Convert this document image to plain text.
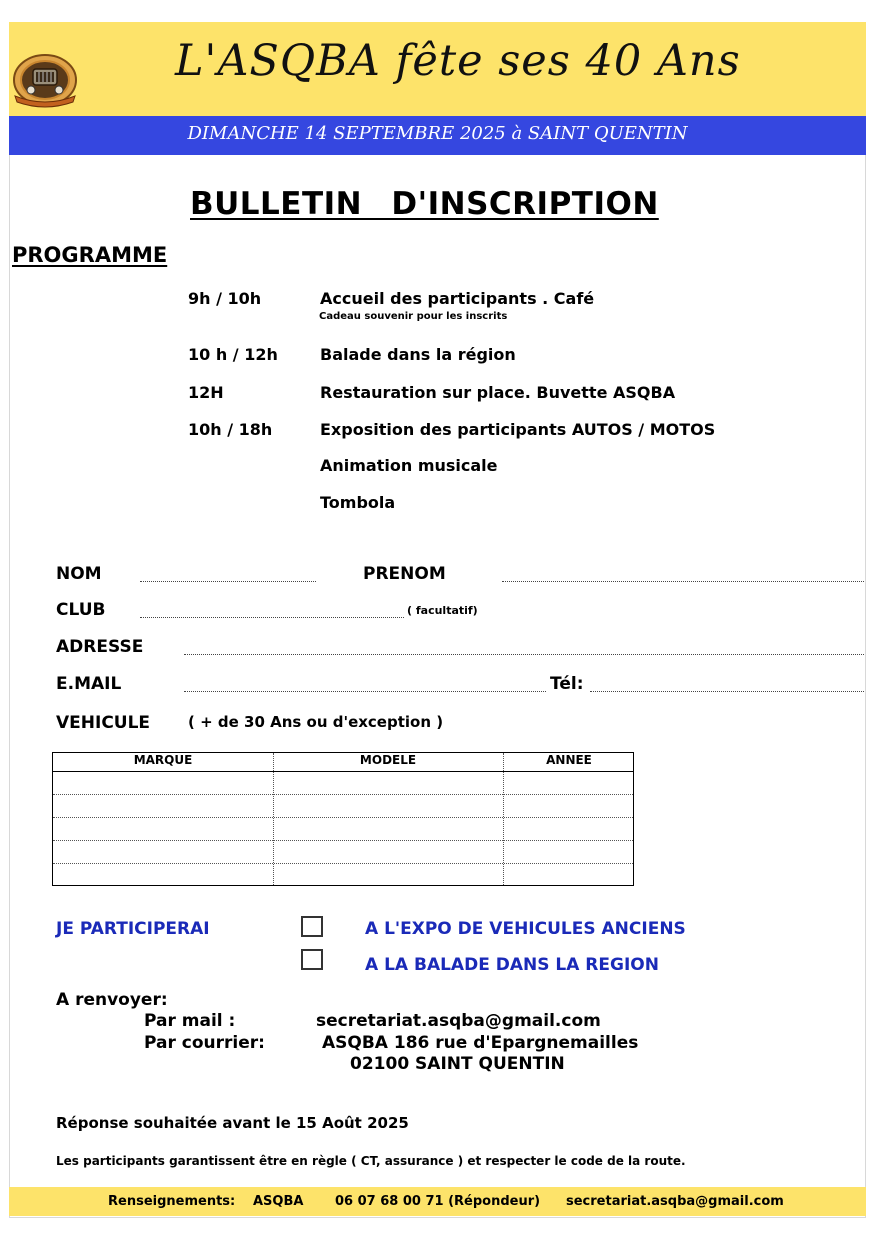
L'ASQBA fête ses 40 Ans
DIMANCHE 14 SEPTEMBRE 2025 à SAINT QUENTIN
BULLETIN D'INSCRIPTION
PROGRAMME
9h / 10h	Accueil des participants . Café
Cadeau souvenir pour les inscrits
10 h / 12h	Balade dans la région
12H	Restauration sur place. Buvette ASQBA
10h / 18h	Exposition des participants AUTOS / MOTOS
Animation musicale
Tombola
NOM	PRENOM
CLUB	( facultatif)
ADRESSE
E.MAIL	Tél:
VEHICULE	( + de 30 Ans ou d'exception )
MARQUE	MODELE	ANNEE
JE PARTICIPERAI	A L'EXPO DE VEHICULES ANCIENS
A LA BALADE DANS LA REGION
A renvoyer:
Par mail :	secretariat.asqba@gmail.com
Par courrier:	ASQBA 186 rue d'Epargnemailles
02100 SAINT QUENTIN
Réponse souhaitée avant le 15 Août 2025
Les participants garantissent être en règle ( CT, assurance ) et respecter le code de la route.
Renseignements: ASQBA 06 07 68 00 71 (Répondeur) secretariat.asqba@gmail.com
